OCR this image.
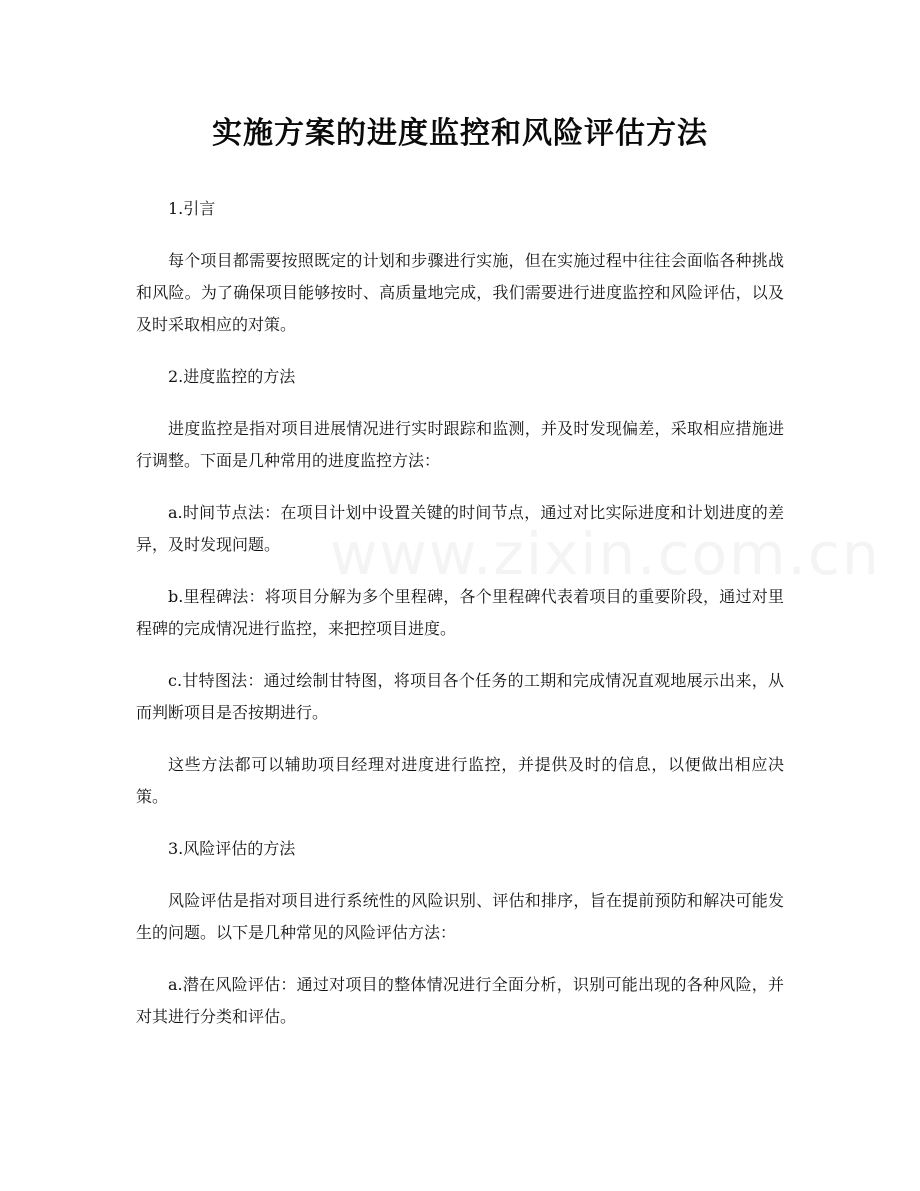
实施方案的进度监控和风险评估方法
1.引言

每个项目都需要按照既定的计划和步骤进行实施，但在实施过程中往往会面临各种挑战和风险。为了确保项目能够按时、高质量地完成，我们需要进行进度监控和风险评估，以及及时采取相应的对策。

2.进度监控的方法

进度监控是指对项目进展情况进行实时跟踪和监测，并及时发现偏差，采取相应措施进行调整。下面是几种常用的进度监控方法：

a.时间节点法：在项目计划中设置关键的时间节点，通过对比实际进度和计划进度的差异，及时发现问题。

b.里程碑法：将项目分解为多个里程碑，各个里程碑代表着项目的重要阶段，通过对里程碑的完成情况进行监控，来把控项目进度。

c.甘特图法：通过绘制甘特图，将项目各个任务的工期和完成情况直观地展示出来，从而判断项目是否按期进行。

这些方法都可以辅助项目经理对进度进行监控，并提供及时的信息，以便做出相应决策。

3.风险评估的方法

风险评估是指对项目进行系统性的风险识别、评估和排序，旨在提前预防和解决可能发生的问题。以下是几种常见的风险评估方法：

a.潜在风险评估：通过对项目的整体情况进行全面分析，识别可能出现的各种风险，并对其进行分类和评估。

www.zixin.com.cn
